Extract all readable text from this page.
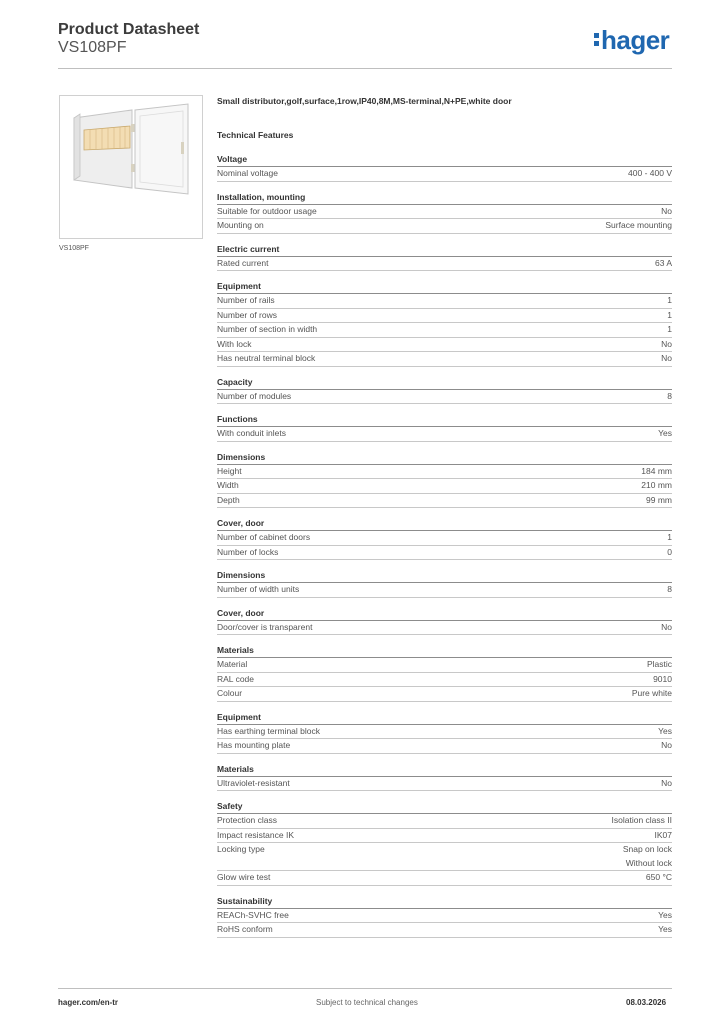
Product Datasheet
VS108PF	hager
VS108PF
Small distributor,golf,surface,1row,IP40,8M,MS-terminal,N+PE,white door
Technical Features
Voltage
Nominal voltage	400 - 400 V
Installation, mounting
Suitable for outdoor usage	No
Mounting on	Surface mounting
Electric current
Rated current	63 A
Equipment
Number of rails	1
Number of rows	1
Number of section in width	1
With lock	No
Has neutral terminal block	No
Capacity
Number of modules	8
Functions
With conduit inlets	Yes
Dimensions
Height	184 mm
Width	210 mm
Depth	99 mm
Cover, door
Number of cabinet doors	1
Number of locks	0
Dimensions
Number of width units	8
Cover, door
Door/cover is transparent	No
Materials
Material	Plastic
RAL code	9010
Colour	Pure white
Equipment
Has earthing terminal block	Yes
Has mounting plate	No
Materials
Ultraviolet-resistant	No
Safety
Protection class	Isolation class II
Impact resistance IK	IK07
Locking type	Snap on lock
Without lock
Glow wire test	650 °C
Sustainability
REACh-SVHC free	Yes
RoHS conform	Yes
hager.com/en-tr	Subject to technical changes	08.03.2026
